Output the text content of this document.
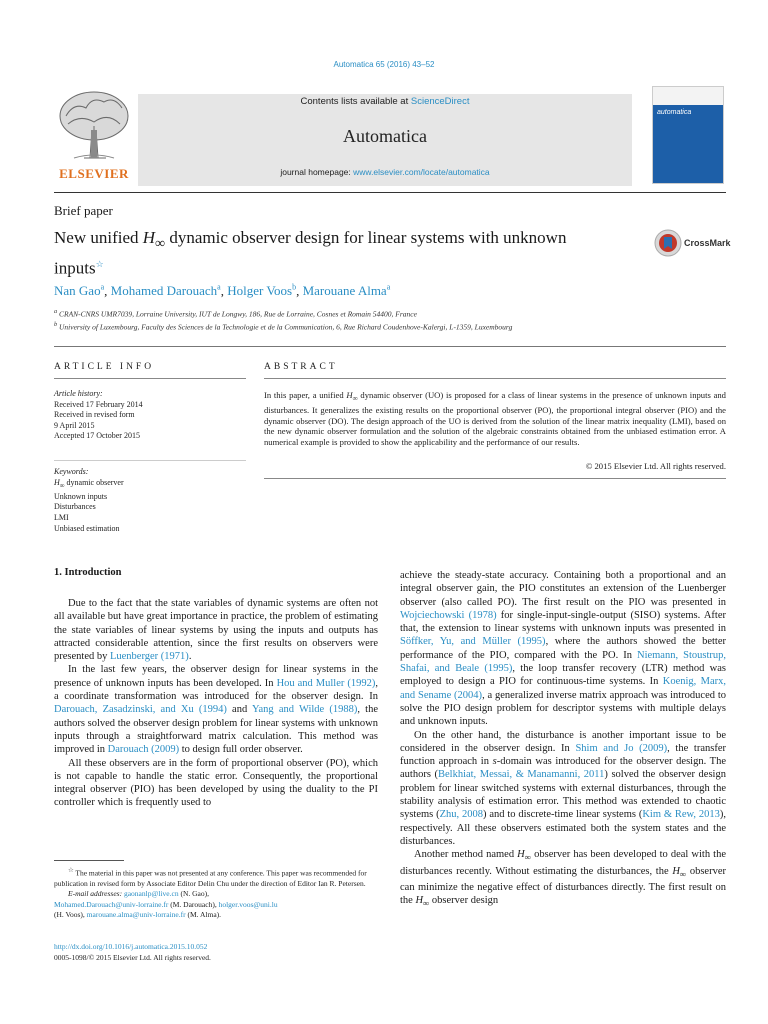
Automatica 65 (2016) 43–52
ELSEVIER
Contents lists available at ScienceDirect
Automatica
journal homepage: www.elsevier.com/locate/automatica
automatica
Brief paper
New unified $H_\infty$ dynamic observer design for linear systems with unknown inputs☆
CrossMark
Nan Gao$^a$, Mohamed Darouach$^a$, Holger Voos$^b$, Marouane Alma$^a$
$^a$ CRAN-CNRS UMR7039, Lorraine University, IUT de Longwy, 186, Rue de Lorraine, Cosnes et Romain 54400, France
$^b$ University of Luxembourg, Faculty des Sciences de la Technologie et de la Communication, 6, Rue Richard Coudenhove-Kalergi, L-1359, Luxembourg
ARTICLE INFO	ABSTRACT
Article history:
Received 17 February 2014
Received in revised form
9 April 2015
Accepted 17 October 2015
Keywords:
$H_\infty$ dynamic observer
Unknown inputs
Disturbances
LMI
Unbiased estimation
In this paper, a unified $H_\infty$ dynamic observer (UO) is proposed for a class of linear systems in the presence of unknown inputs and disturbances. It generalizes the existing results on the proportional observer (PO), the proportional integral observer (PIO) and the dynamic observer (DO). The design approach of the UO is derived from the solution of the linear matrix inequality (LMI), based on the new dynamic observer formulation and the solution of the algebraic constraints obtained from the unbiased estimation error. A numerical example is provided to show the applicability and the performance of our results.
© 2015 Elsevier Ltd. All rights reserved.
1. Introduction

Due to the fact that the state variables of dynamic systems are often not all available but have great importance in practice, the problem of estimating the state variables of linear systems by using the inputs and outputs has attracted considerable attention, since the first results on observers were presented by Luenberger (1971).

In the last few years, the observer design for linear systems in the presence of unknown inputs has been developed. In Hou and Muller (1992), a coordinate transformation was introduced for the observer design. In Darouach, Zasadzinski, and Xu (1994) and Yang and Wilde (1988), the authors solved the observer design problem for linear systems with unknown inputs through a straightforward matrix calculation. This method was improved in Darouach (2009) to design full order observer.

All these observers are in the form of proportional observer (PO), which is not capable to handle the static error. Consequently, the proportional integral observer (PIO) has been developed by using the duality to the PI controller which is frequently used to

achieve the steady-state accuracy. Containing both a proportional and an integral observer gain, the PIO constitutes an extension of the Luenberger observer (also called PO). The first result on the PIO was presented in Wojciechowski (1978) for single-input-single-output (SISO) systems. After that, the extension to linear systems with unknown inputs was presented in Söffker, Yu, and Müller (1995), where the authors showed the better performance of the PIO, compared with the PO. In Niemann, Stoustrup, Shafai, and Beale (1995), the loop transfer recovery (LTR) method was employed to design a PIO for continuous-time systems. In Koenig, Marx, and Sename (2004), a generalized inverse matrix approach was introduced to solve the PIO design problem for descriptor systems with multiple delays and unknown inputs.

On the other hand, the disturbance is another important issue to be considered in the observer design. In Shim and Jo (2009), the transfer function approach in s-domain was introduced for the observer design. The authors (Belkhiat, Messai, & Manamanni, 2011) solved the observer design problem for linear switched systems with external disturbances, through the stability analysis of estimation error. This method was extended to chaotic systems (Zhu, 2008) and to discrete-time linear systems (Kim & Rew, 2013), respectively. All these observers estimated both the system states and the disturbances.

Another method named $H_\infty$ observer has been developed to deal with the disturbances recently. Without estimating the disturbances, the $H_\infty$ observer can minimize the negative effect of disturbances directly. The first result on the $H_\infty$ observer design

☆ The material in this paper was not presented at any conference. This paper was recommended for publication in revised form by Associate Editor Delin Chu under the direction of Editor Ian R. Petersen.

E-mail addresses: gaonanlp@live.cn (N. Gao),

Mohamed.Darouach@univ-lorraine.fr (M. Darouach), holger.voos@uni.lu

(H. Voos), marouane.alma@univ-lorraine.fr (M. Alma).

http://dx.doi.org/10.1016/j.automatica.2015.10.052
0005-1098/© 2015 Elsevier Ltd. All rights reserved.
